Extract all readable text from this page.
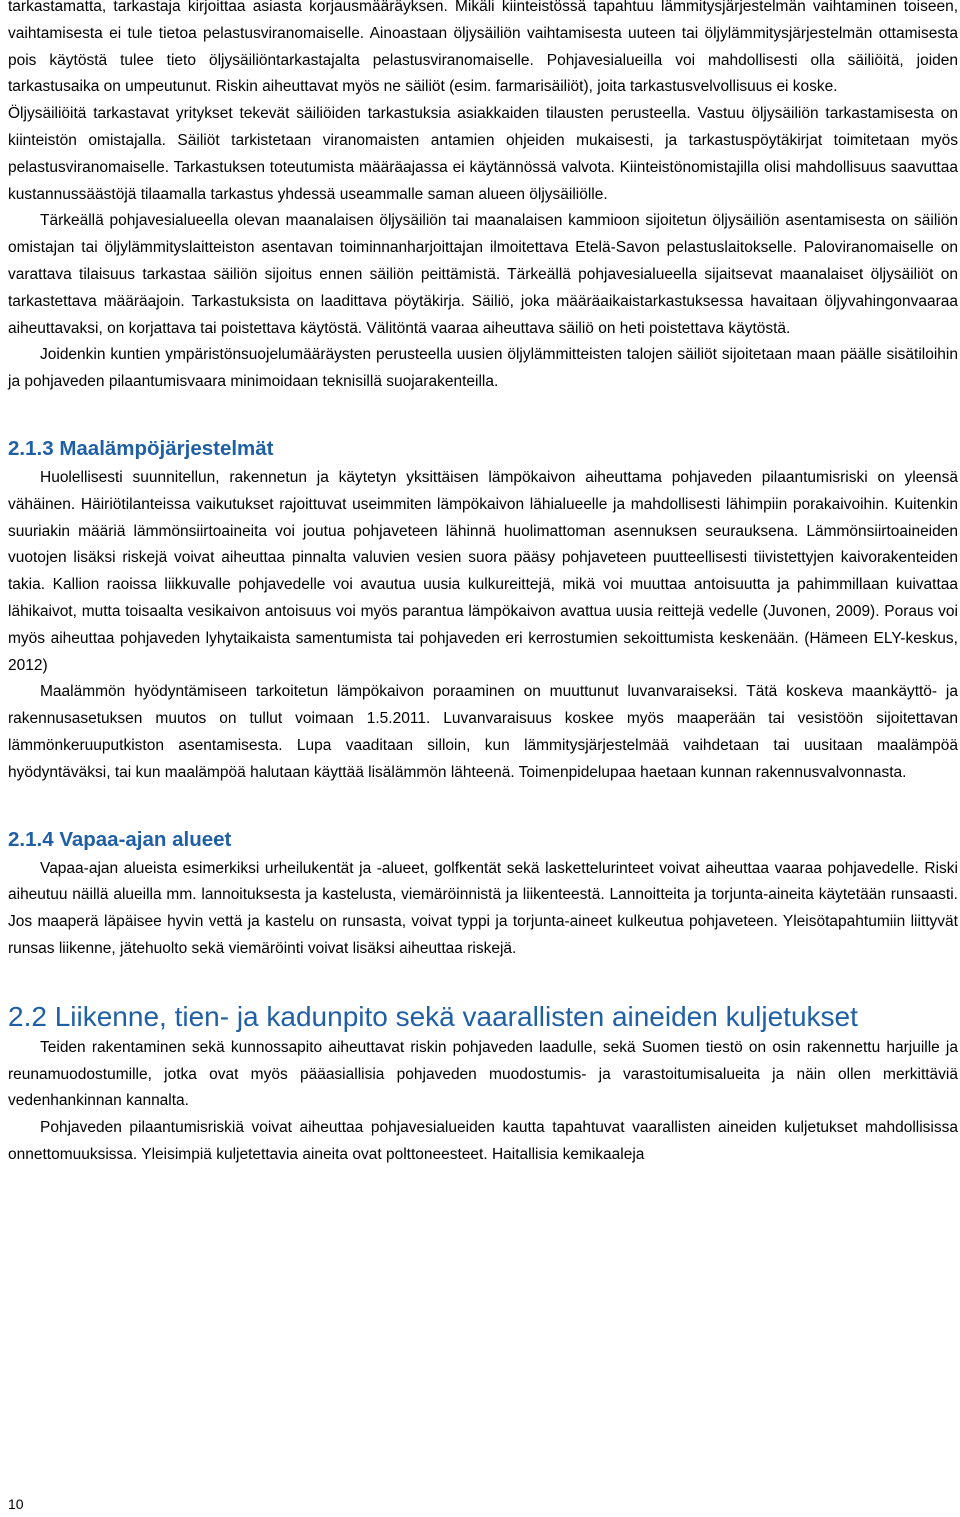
tarkastamatta, tarkastaja kirjoittaa asiasta korjausmääräyksen. Mikäli kiinteistössä tapahtuu lämmitysjärjestelmän vaihtaminen toiseen, vaihtamisesta ei tule tietoa pelastusviranomaiselle. Ainoastaan öljysäiliön vaihtamisesta uuteen tai öljylämmitysjärjestelmän ottamisesta pois käytöstä tulee tieto öljysäiliöntarkastajalta pelastusviranomaiselle. Pohjavesialueilla voi mahdollisesti olla säiliöitä, joiden tarkastusaika on umpeutunut. Riskin aiheuttavat myös ne säiliöt (esim. farmarisäiliöt), joita tarkastusvelvollisuus ei koske.

Öljysäiliöitä tarkastavat yritykset tekevät säiliöiden tarkastuksia asiakkaiden tilausten perusteella. Vastuu öljysäiliön tarkastamisesta on kiinteistön omistajalla. Säiliöt tarkistetaan viranomaisten antamien ohjeiden mukaisesti, ja tarkastuspöytäkirjat toimitetaan myös pelastusviranomaiselle. Tarkastuksen toteutumista määräajassa ei käytännössä valvota. Kiinteistönomistajilla olisi mahdollisuus saavuttaa kustannussäästöjä tilaamalla tarkastus yhdessä useammalle saman alueen öljysäiliölle.

Tärkeällä pohjavesialueella olevan maanalaisen öljysäiliön tai maanalaisen kammioon sijoitetun öljysäiliön asentamisesta on säiliön omistajan tai öljylämmityslaitteiston asentavan toiminnanharjoittajan ilmoitettava Etelä-Savon pelastuslaitokselle. Paloviranomaiselle on varattava tilaisuus tarkastaa säiliön sijoitus ennen säiliön peittämistä. Tärkeällä pohjavesialueella sijaitsevat maanalaiset öljysäiliöt on tarkastettava määräajoin. Tarkastuksista on laadittava pöytäkirja. Säiliö, joka määräaikaistarkastuksessa havaitaan öljyvahingonvaaraa aiheuttavaksi, on korjattava tai poistettava käytöstä. Välitöntä vaaraa aiheuttava säiliö on heti poistettava käytöstä.

Joidenkin kuntien ympäristönsuojelumääräysten perusteella uusien öljylämmitteisten talojen säiliöt sijoitetaan maan päälle sisätiloihin ja pohjaveden pilaantumisvaara minimoidaan teknisillä suojarakenteilla.

2.1.3 Maalämpöjärjestelmät

Huolellisesti suunnitellun, rakennetun ja käytetyn yksittäisen lämpökaivon aiheuttama pohjaveden pilaantumisriski on yleensä vähäinen. Häiriötilanteissa vaikutukset rajoittuvat useimmiten lämpökaivon lähialueelle ja mahdollisesti lähimpiin porakaivoihin. Kuitenkin suuriakin määriä lämmönsiirtoaineita voi joutua pohjaveteen lähinnä huolimattoman asennuksen seurauksena. Lämmönsiirtoaineiden vuotojen lisäksi riskejä voivat aiheuttaa pinnalta valuvien vesien suora pääsy pohjaveteen puutteellisesti tiivistettyjen kaivorakenteiden takia. Kallion raoissa liikkuvalle pohjavedelle voi avautua uusia kulkureittejä, mikä voi muuttaa antoisuutta ja pahimmillaan kuivattaa lähikaivot, mutta toisaalta vesikaivon antoisuus voi myös parantua lämpökaivon avattua uusia reittejä vedelle (Juvonen, 2009). Poraus voi myös aiheuttaa pohjaveden lyhytaikaista samentumista tai pohjaveden eri kerrostumien sekoittumista keskenään. (Hämeen ELY-keskus, 2012)

Maalämmön hyödyntämiseen tarkoitetun lämpökaivon poraaminen on muuttunut luvanvaraiseksi. Tätä koskeva maankäyttö- ja rakennusasetuksen muutos on tullut voimaan 1.5.2011. Luvanvaraisuus koskee myös maaperään tai vesistöön sijoitettavan lämmönkeruuputkiston asentamisesta. Lupa vaaditaan silloin, kun lämmitysjärjestelmää vaihdetaan tai uusitaan maalämpöä hyödyntäväksi, tai kun maalämpöä halutaan käyttää lisälämmön lähteenä. Toimenpidelupaa haetaan kunnan rakennusvalvonnasta.

2.1.4 Vapaa-ajan alueet

Vapaa-ajan alueista esimerkiksi urheilukentät ja -alueet, golfkentät sekä laskettelurinteet voivat aiheuttaa vaaraa pohjavedelle. Riski aiheutuu näillä alueilla mm. lannoituksesta ja kastelusta, viemäröinnistä ja liikenteestä. Lannoitteita ja torjunta-aineita käytetään runsaasti. Jos maaperä läpäisee hyvin vettä ja kastelu on runsasta, voivat typpi ja torjunta-aineet kulkeutua pohjaveteen. Yleisötapahtumiin liittyvät runsas liikenne, jätehuolto sekä viemäröinti voivat lisäksi aiheuttaa riskejä.

2.2 Liikenne, tien- ja kadunpito sekä vaarallisten aineiden kuljetukset

Teiden rakentaminen sekä kunnossapito aiheuttavat riskin pohjaveden laadulle, sekä Suomen tiestö on osin rakennettu harjuille ja reunamuodostumille, jotka ovat myös pääasiallisia pohjaveden muodostumis- ja varastoitumisalueita ja näin ollen merkittäviä vedenhankinnan kannalta.

Pohjaveden pilaantumisriskiä voivat aiheuttaa pohjavesialueiden kautta tapahtuvat vaarallisten aineiden kuljetukset mahdollisissa onnettomuuksissa. Yleisimpiä kuljetettavia aineita ovat polttoneesteet. Haitallisia kemikaaleja

10
